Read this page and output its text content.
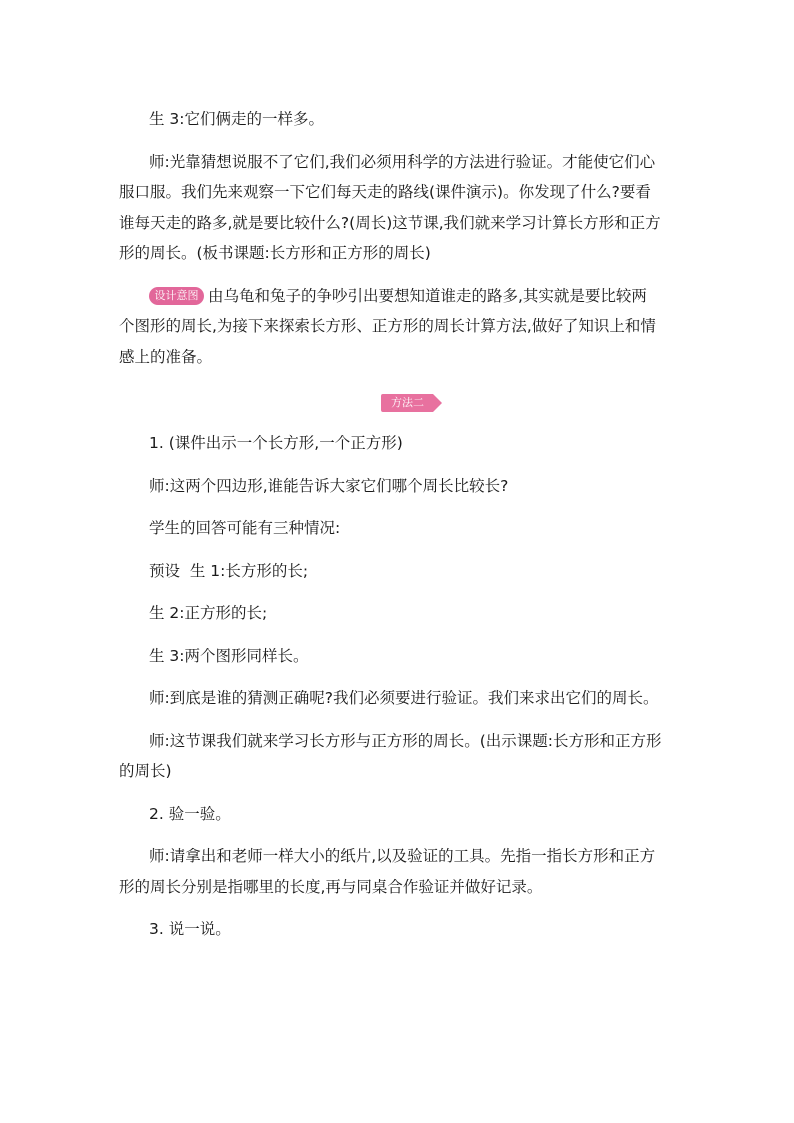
生 3:它们俩走的一样多。

师:光靠猜想说服不了它们,我们必须用科学的方法进行验证。才能使它们心

服口服。我们先来观察一下它们每天走的路线(课件演示)。你发现了什么?要看
谁每天走的路多,就是要比较什么?(周长)这节课,我们就来学习计算长方形和正方
形的周长。(板书课题:长方形和正方形的周长)

设计意图 由乌龟和兔子的争吵引出要想知道谁走的路多,其实就是要比较两

个图形的周长,为接下来探索长方形、正方形的周长计算方法,做好了知识上和情
感上的准备。

方法二

1. (课件出示一个长方形,一个正方形)

师:这两个四边形,谁能告诉大家它们哪个周长比较长?

学生的回答可能有三种情况:

预设  生 1:长方形的长;

生 2:正方形的长;

生 3:两个图形同样长。

师:到底是谁的猜测正确呢?我们必须要进行验证。我们来求出它们的周长。

师:这节课我们就来学习长方形与正方形的周长。(出示课题:长方形和正方形

的周长)

2. 验一验。

师:请拿出和老师一样大小的纸片,以及验证的工具。先指一指长方形和正方

形的周长分别是指哪里的长度,再与同桌合作验证并做好记录。

3. 说一说。
